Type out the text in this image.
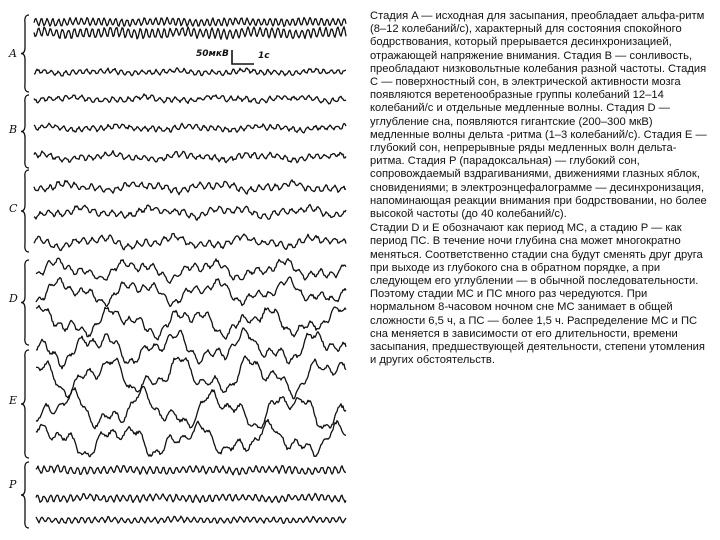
A
B
C
D
E
P
50мкВ	1с

Стадия A — исходная для засыпания, преобладает альфа-ритм (8–12 колебаний/с), характерный для состояния спокойного бодрствования, который прерывается десинхронизацией, отражающей напряжение внимания. Стадия B — сонливость, преобладают низковольтные колебания разной частоты. Стадия C — поверхностный сон, в электрической активности мозга появляются веретенообразные группы колебаний 12–14 колебаний/с и отдельные медленные волны. Стадия D — углубление сна, появляются гигантские (200–300 мкВ) медленные волны дельта -ритма (1–3 колебаний/с). Стадия E — глубокий сон, непрерывные ряды медленных волн дельта-ритма. Стадия P (парадоксальная) — глубокий сон, сопровождаемый вздрагиваниями, движениями глазных яблок, сновидениями; в электроэнцефалограмме — десинхронизация, напоминающая реакции внимания при бодрствовании, но более высокой частоты (до 40 колебаний/с).

Стадии D и E обозначают как период МС, а стадию P — как период ПС. В течение ночи глубина сна может многократно меняться. Соответственно стадии сна будут сменять друг друга при выходе из глубокого сна в обратном порядке, а при следующем его углублении — в обычной последовательности. Поэтому стадии МС и ПС много раз чередуются. При нормальном 8-часовом ночном сне МС занимает в общей сложности 6,5 ч, а ПС — более 1,5 ч. Распределение МС и ПС сна меняется в зависимости от его длительности, времени засыпания, предшествующей деятельности, степени утомления и других обстоятельств.
